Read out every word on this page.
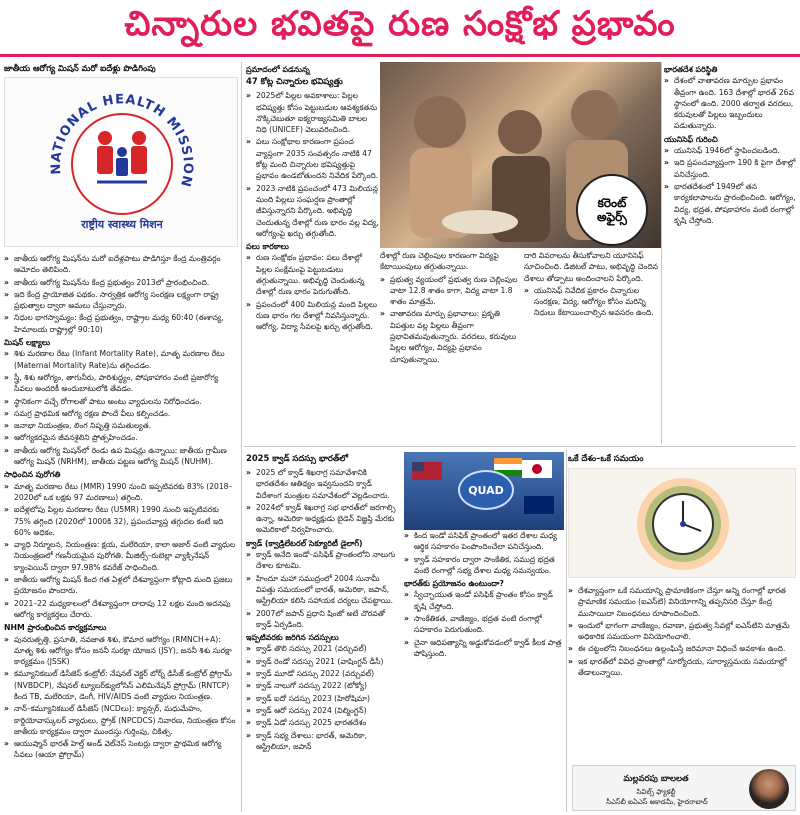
చిన్నారుల భవితపై రుణ సంక్షోభ ప్రభావం
జాతీయ ఆరోగ్య మిషన్ మరో ఐదేళ్లు పొడిగింపు
NATIONAL HEALTH MISSION
राष्ट्रीय स्वास्थ्य मिशन
» జాతీయ ఆరోగ్య మిషన్‌ను మరో ఐదేళ్లపాటు పొడిగిస్తూ కేంద్ర మంత్రివర్గం ఆమోదం తెలిపింది.
» జాతీయ ఆరోగ్య మిషన్‌ను కేంద్ర ప్రభుత్వం 2013లో ప్రారంభించింది.
» ఇది కేంద్ర ప్రాయోజిత పథకం. సార్వత్రిక ఆరోగ్య సంరక్షణ లక్ష్యంగా రాష్ట్ర ప్రభుత్వాల ద్వారా అమలు చేస్తున్నారు.
» నిధుల భాగస్వామ్యం: కేంద్ర ప్రభుత్వం, రాష్ట్రాల మధ్య 60:40 (ఈశాన్య, హిమాలయ రాష్ట్రాల్లో 90:10)
మిషన్ లక్ష్యాలు
» శిశు మరణాల రేటు (Infant Mortality Rate), మాతృ మరణాల రేటు (Maternal Mortality Rate)ను తగ్గించడం.
» స్త్రీ, శిశు ఆరోగ్యం, తాగునీరు, పారిశుద్ధ్యం, పోషకాహారం వంటి ప్రజారోగ్య సేవలు అందరికీ అందుబాటులోకి తేవడం.
» స్థానికంగా వచ్చే రోగాలతో పాటు అంటు వ్యాధులను నిరోధించడం.
» సమగ్ర ప్రాథమిక ఆరోగ్య రక్షణ పొందే వీలు కల్పించడం.
» జనాభా నియంత్రణ, లింగ నిష్పత్తి సమతుల్యత.
» ఆరోగ్యకరమైన జీవనశైలిని ప్రోత్సహించడం.
» జాతీయ ఆరోగ్య మిషన్‌లో రెండు ఉప మిషన్లు ఉన్నాయి: జాతీయ గ్రామీణ ఆరోగ్య మిషన్ (NRHM), జాతీయ పట్టణ ఆరోగ్య మిషన్ (NUHM).
సాధించిన పురోగతి
» మాతృ మరణాల రేటు (MMR) 1990 నుంచి ఇప్పటివరకు 83% (2018–2020లో ఒక లక్షకు 97 మరణాలు) తగ్గింది.
» ఐదేళ్లలోపు పిల్లల మరణాల రేటు (U5MR) 1990 నుంచి ఇప్పటివరకు 75% తగ్గింది (2020లో 1000కి 32), ప్రపంచవ్యాప్త తగ్గుదల కంటే ఇది 60% అధికం.
» వ్యాధి నిర్మూలన, నియంత్రణ: క్షయ, మలేరియా, కాలా అజార్ వంటి వ్యాధుల నియంత్రణలో గణనీయమైన పురోగతి. మీజిల్స్–రుబెల్లా వ్యాక్సినేషన్ క్యాంపెయిన్ ద్వారా 97.98% కవరేజ్ సాధించింది.
» జాతీయ ఆరోగ్య మిషన్ కింద గత ఏళ్లలో దేశవ్యాప్తంగా కోట్లాది మంది ప్రజలు ప్రయోజనం పొందారు.
» 2021–22 మధ్యకాలంలో దేశవ్యాప్తంగా దాదాపు 12 లక్షల మంది అదనపు ఆరోగ్య కార్యకర్తలు చేరారు.
NHM ప్రారంభించిన కార్యక్రమాలు
» పునరుత్పత్తి, ప్రసూతి, నవజాత శిశు, కౌమార ఆరోగ్యం (RMNCH+A): మాతృ శిశు ఆరోగ్యం కోసం జననీ సురక్షా యోజన (JSY), జననీ శిశు సురక్షా కార్యక్రమం (JSSK)
» కమ్యూనికబుల్ డిసీజెస్ కంట్రోల్: నేషనల్ వెక్టర్ బోర్న్ డిసీజ్ కంట్రోల్ ప్రోగ్రామ్ (NVBDCP), నేషనల్ ట్యూబర్‌క్యులోసిస్ ఎలిమినేషన్ ప్రోగ్రామ్ (RNTCP) కింద TB, మలేరియా, డెంగీ, HIV/AIDS వంటి వ్యాధుల నియంత్రణ.
» నాన్–కమ్యూనికబుల్ డిసీజెస్ (NCDలు): క్యాన్సర్, మధుమేహం, కార్డియోవాస్కులర్ వ్యాధులు, స్ట్రోక్ (NPCDCS) నివారణ, నియంత్రణ కోసం జాతీయ కార్యక్రమం ద్వారా ముందస్తు గుర్తింపు, చికిత్స.
» ఆయుష్మాన్ భారత్ హెల్త్ అండ్ వెల్‌నెస్ సెంటర్లు ద్వారా ప్రాథమిక ఆరోగ్య సేవలు (ఆయా ప్రోగ్రామ్)
ప్రమాదంలో పడనున్న
47 కోట్ల చిన్నారుల భవిష్యత్తు
» 2025లో పిల్లల అవకాశాలు: పిల్లల భవిష్యత్తు కోసం పెట్టుబడుల ఆవశ్యకతను నొక్కిచెబుతూ ఐక్యరాజ్యసమితి బాలల నిధి (UNICEF) వెలువరించింది.
» పలు సంక్షోభాల కారణంగా ప్రపంచ వ్యాప్తంగా 2035 సంవత్సరం నాటికి 47 కోట్ల మంది చిన్నారుల భవిష్యత్తుపై ప్రభావం ఉండబోతుందని నివేదిక పేర్కొంది.
» 2023 నాటికి ప్రపంచంలో 473 మిలియన్ల మంది పిల్లలు సంఘర్షణ ప్రాంతాల్లో జీవిస్తున్నారని పేర్కొంది. అభివృద్ధి చెందుతున్న దేశాల్లో రుణ భారం వల్ల విద్య, ఆరోగ్యంపై ఖర్చు తగ్గుతోంది.
పలు కారకాలు
» రుణ సంక్షోభం ప్రభావం: పలు దేశాల్లో పిల్లల సంక్షేమంపై పెట్టుబడులు తగ్గుతున్నాయి. అభివృద్ధి చెందుతున్న దేశాల్లో రుణ భారం పెరుగుతోంది.
» ప్రపంచంలో 400 మిలియన్ల మంది పిల్లలు రుణ భారం గల దేశాల్లో నివసిస్తున్నారు. ఆరోగ్య, విద్యా సేవలపై ఖర్చు తగ్గుతోంది.
కరెంట్
అఫైర్స్
దేశాల్లో రుణ చెల్లింపుల కారణంగా విద్యపై కేటాయింపులు తగ్గుతున్నాయి.
» ప్రభుత్వ వ్యయంలో ప్రభుత్వ రుణ చెల్లింపుల వాటా 12.8 శాతం కాగా, విద్య వాటా 1.8 శాతం మాత్రమే.
» వాతావరణ మార్పు ప్రభావాలు: ప్రకృతి విపత్తుల వల్ల పిల్లలు తీవ్రంగా ప్రభావితమవుతున్నారు. వరదలు, కరువులు పిల్లల ఆరోగ్యం, విద్యపై ప్రభావం చూపుతున్నాయి.
దారి వివరాలను తీసుకోవాలని యూనిసెఫ్ సూచించింది. డిజిటల్ పాటు, అభివృద్ధి చెందిన దేశాలు తోడ్పాటు అందించాలని పేర్కొంది.
» యునిసెఫ్ నివేదిక ప్రకారం చిన్నారుల సంరక్షణ, విద్య, ఆరోగ్యం కోసం మరిన్ని నిధులు కేటాయించాల్సిన అవసరం ఉంది.
భారతదేశ పరిస్థితి
» దేశంలో వాతావరణ మార్పుల ప్రభావం తీవ్రంగా ఉంది. 163 దేశాల్లో భారత్ 26వ స్థానంలో ఉంది. 2000 తర్వాత వరదలు, కరువులతో పిల్లలు ఇబ్బందులు పడుతున్నారు.
యునిసెఫ్ గురించి
» యునిసెఫ్ 1946లో స్థాపించబడింది.
» ఇది ప్రపంచవ్యాప్తంగా 190 కి పైగా దేశాల్లో పనిచేస్తుంది.
» భారతదేశంలో 1949లో తన కార్యకలాపాలను ప్రారంభించింది. ఆరోగ్యం, విద్య, భద్రత, పోషకాహారం వంటి రంగాల్లో కృషి చేస్తోంది.
2025 క్వాడ్ సదస్సు భారత్‌లో
» 2025 లో క్వాడ్ శిఖరాగ్ర సమావేశానికి భారతదేశం ఆతిథ్యం ఇవ్వనుందని క్వాడ్ విదేశాంగ మంత్రుల సమావేశంలో వెల్లడించారు.
» 2024లో క్వాడ్ శిఖరాగ్ర సభ భారత్‌లో జరగాల్సి ఉన్నా, అమెరికా అధ్యక్షుడు బైడెన్ విజ్ఞప్తి మేరకు అమెరికాలో నిర్వహించారు.
క్వాడ్ (క్వాడ్రిలేటరల్ సెక్యూరిటీ డైలాగ్)
» క్వాడ్ అనేది ఇండో–పసిఫిక్ ప్రాంతంలోని నాలుగు దేశాల కూటమి.
» హిందూ మహా సముద్రంలో 2004 సునామీ విపత్తు సమయంలో భారత్, అమెరికా, జపాన్, ఆస్ట్రేలియా కలిసి సహాయక చర్యలు చేపట్టాయి.
» 2007లో జపాన్ ప్రధాని షింజో అబే చొరవతో క్వాడ్ ఏర్పడింది.
ఇప్పటివరకు జరిగిన సదస్సులు
» క్వాడ్ తొలి సదస్సు 2021 (వర్చువల్)
» క్వాడ్ రెండో సదస్సు 2021 (వాషింగ్టన్ డీసీ)
» క్వాడ్ మూడో సదస్సు 2022 (వర్చువల్)
» క్వాడ్ నాలుగో సదస్సు 2022 (టోక్యో)
» క్వాడ్ ఐదో సదస్సు 2023 (హిరోషిమా)
» క్వాడ్ ఆరో సదస్సు 2024 (విల్మింగ్టన్)
» క్వాడ్ ఏడో సదస్సు 2025 భారతదేశం
» క్వాడ్ సభ్య దేశాలు: భారత్, అమెరికా, ఆస్ట్రేలియా, జపాన్
QUAD
» కింద ఇండో పసిఫిక్ ప్రాంతంలో ఇతర దేశాల మధ్య ఆర్థిక సహకారం పెంపొందించేలా పనిచేస్తుంది.
» క్వాడ్ సహకారం ద్వారా సాంకేతిక, సముద్ర భద్రత వంటి రంగాల్లో సభ్య దేశాల మధ్య సమన్వయం.
భారత్‌కు ప్రయోజనం ఉంటుందా?
» స్వేచ్ఛాయుత ఇండో పసిఫిక్ ప్రాంతం కోసం క్వాడ్ కృషి చేస్తోంది.
» సాంకేతికత, వాణిజ్యం, భద్రత వంటి రంగాల్లో సహకారం పెరుగుతుంది.
» చైనా ఆధిపత్యాన్ని అడ్డుకోవడంలో క్వాడ్ కీలక పాత్ర పోషిస్తుంది.
ఒకే దేశం–ఒకే సమయం
» దేశవ్యాప్తంగా ఒకే సమయాన్ని ప్రామాణికంగా చేస్తూ అన్ని రంగాల్లో భారత ప్రామాణిక సమయం (ఐఎస్‌టి) వినియోగాన్ని తప్పనిసరి చేస్తూ కేంద్ర ముసాయిదా నిబంధనలు రూపొందించింది.
» ఇందులో భాగంగా వాణిజ్యం, రవాణా, ప్రభుత్వ సేవల్లో ఐఎస్‌టిని మాత్రమే అధికారిక సమయంగా వినియోగించాలి.
» ఈ చట్టంలోని నిబంధనలు ఉల్లంఘిస్తే జరిమానా విధించే అవకాశం ఉంది.
» ఇక భారత్‌లో వివిధ ప్రాంతాల్లో సూర్యోదయ, సూర్యాస్తమయ సమయాల్లో తేడాలున్నాయి.
మల్లవరపు బాలలత
సివిల్స్ ఫ్యాకల్టీ
సీఎస్‌బీ ఐఏఎస్ అకాడమీ, హైదరాబాద్
